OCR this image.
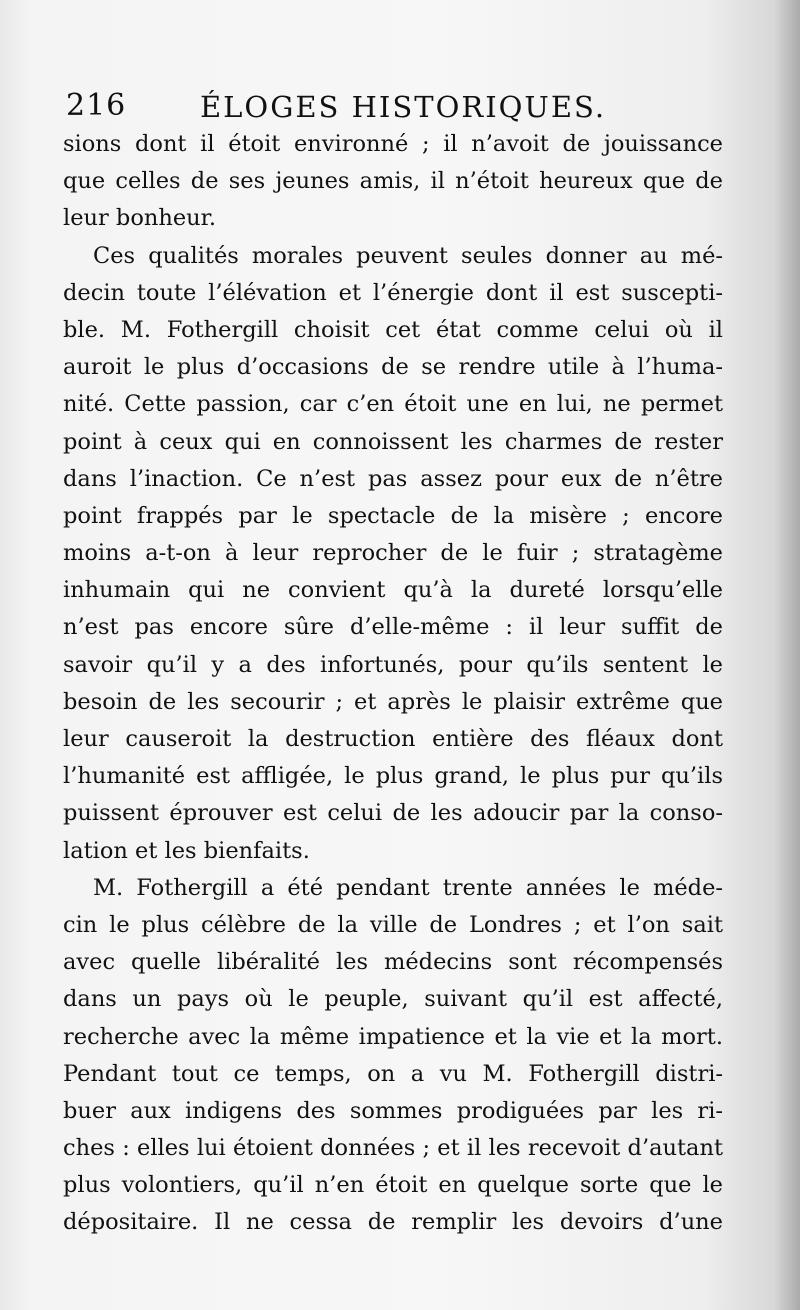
216	ÉLOGES HISTORIQUES.
sions dont il étoit environné ; il n’avoit de jouissance
que celles de ses jeunes amis, il n’étoit heureux que de
leur bonheur.
Ces qualités morales peuvent seules donner au mé-
decin toute l’élévation et l’énergie dont il est suscepti-
ble. M. Fothergill choisit cet état comme celui où il
auroit le plus d’occasions de se rendre utile à l’huma-
nité. Cette passion, car c’en étoit une en lui, ne permet
point à ceux qui en connoissent les charmes de rester
dans l’inaction. Ce n’est pas assez pour eux de n’être
point frappés par le spectacle de la misère ; encore
moins a-t-on à leur reprocher de le fuir ; stratagème
inhumain qui ne convient qu’à la dureté lorsqu’elle
n’est pas encore sûre d’elle-même : il leur suffit de
savoir qu’il y a des infortunés, pour qu’ils sentent le
besoin de les secourir ; et après le plaisir extrême que
leur causeroit la destruction entière des fléaux dont
l’humanité est affligée, le plus grand, le plus pur qu’ils
puissent éprouver est celui de les adoucir par la conso-
lation et les bienfaits.
M. Fothergill a été pendant trente années le méde-
cin le plus célèbre de la ville de Londres ; et l’on sait
avec quelle libéralité les médecins sont récompensés
dans un pays où le peuple, suivant qu’il est affecté,
recherche avec la même impatience et la vie et la mort.
Pendant tout ce temps, on a vu M. Fothergill distri-
buer aux indigens des sommes prodiguées par les ri-
ches : elles lui étoient données ; et il les recevoit d’autant
plus volontiers, qu’il n’en étoit en quelque sorte que le
dépositaire. Il ne cessa de remplir les devoirs d’une
